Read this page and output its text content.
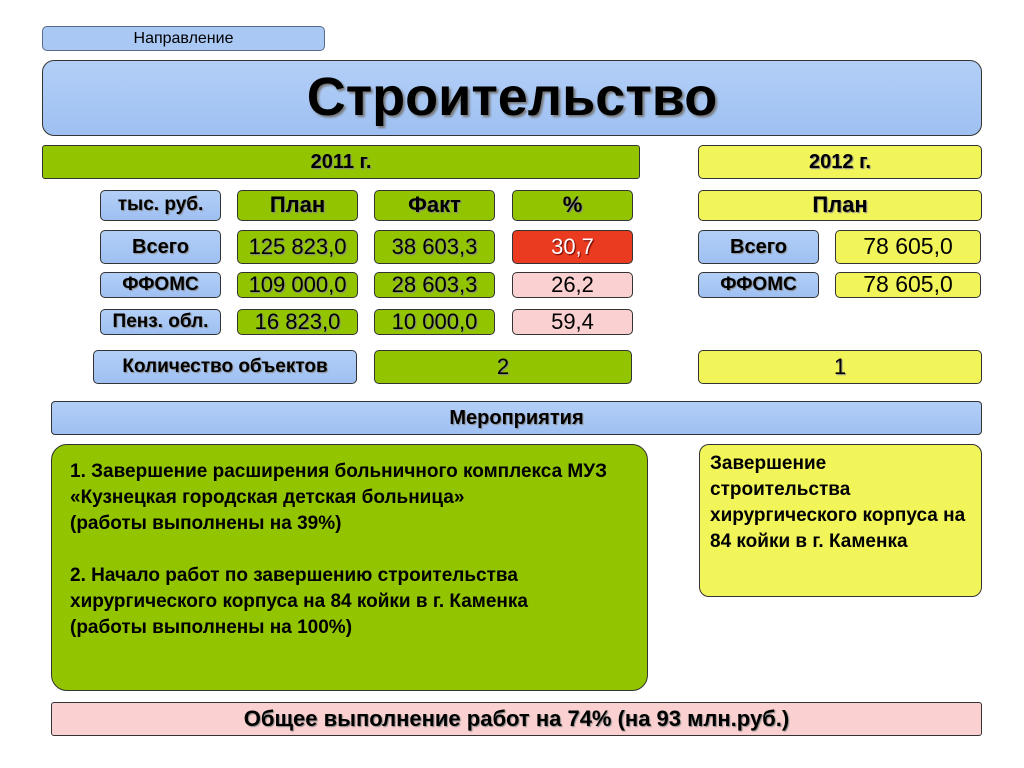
Направление
Строительство
2011 г.
тыс. руб.	План	Факт	%
Всего	125 823,0	38 603,3	30,7
ФФОМС	109 000,0	28 603,3	26,2
Пенз. обл.	16 823,0	10 000,0	59,4
Количество объектов	2
2012 г.
План
Всего	78 605,0
ФФОМС	78 605,0
1
Мероприятия

1. Завершение расширения больничного комплекса МУЗ «Кузнецкая городская детская больница»

(работы выполнены на 39%)

2. Начало работ по завершению строительства хирургического корпуса на 84 койки в г. Каменка

(работы выполнены на 100%)

Завершение строительства хирургического корпуса на 84 койки в г. Каменка

Общее выполнение работ на 74% (на 93 млн.руб.)
